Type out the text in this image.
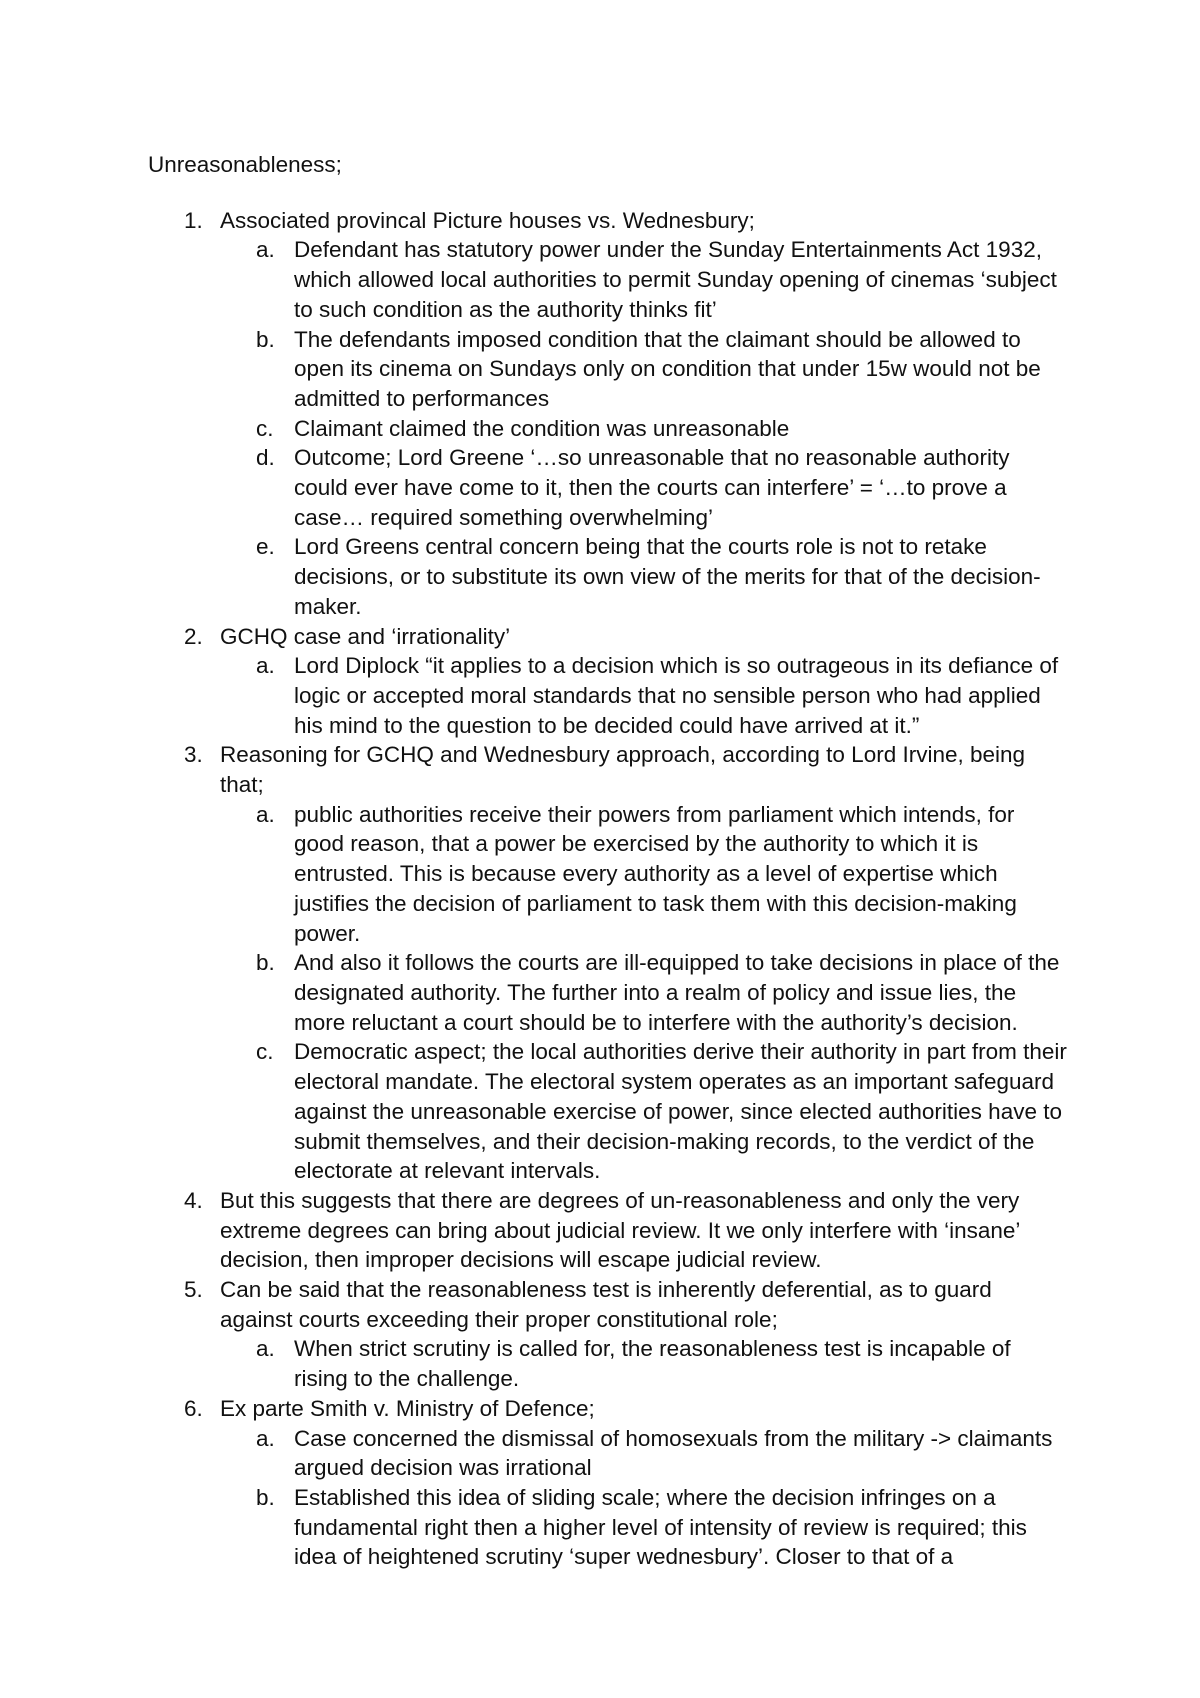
Unreasonableness;
1. Associated provincal Picture houses vs. Wednesbury;
a. Defendant has statutory power under the Sunday Entertainments Act 1932, which allowed local authorities to permit Sunday opening of cinemas ‘subject to such condition as the authority thinks fit’
b. The defendants imposed condition that the claimant should be allowed to open its cinema on Sundays only on condition that under 15w would not be admitted to performances
c. Claimant claimed the condition was unreasonable
d. Outcome; Lord Greene ‘…so unreasonable that no reasonable authority could ever have come to it, then the courts can interfere’ = ‘…to prove a case… required something overwhelming’
e. Lord Greens central concern being that the courts role is not to retake decisions, or to substitute its own view of the merits for that of the decision-maker.
2. GCHQ case and ‘irrationality’
a. Lord Diplock “it applies to a decision which is so outrageous in its defiance of logic or accepted moral standards that no sensible person who had applied his mind to the question to be decided could have arrived at it.”
3. Reasoning for GCHQ and Wednesbury approach, according to Lord Irvine, being that;
a. public authorities receive their powers from parliament which intends, for good reason, that a power be exercised by the authority to which it is entrusted. This is because every authority as a level of expertise which justifies the decision of parliament to task them with this decision-making power.
b. And also it follows the courts are ill-equipped to take decisions in place of the designated authority. The further into a realm of policy and issue lies, the more reluctant a court should be to interfere with the authority’s decision.
c. Democratic aspect; the local authorities derive their authority in part from their electoral mandate. The electoral system operates as an important safeguard against the unreasonable exercise of power, since elected authorities have to submit themselves, and their decision-making records, to the verdict of the electorate at relevant intervals.
4. But this suggests that there are degrees of un-reasonableness and only the very extreme degrees can bring about judicial review. It we only interfere with ‘insane’ decision, then improper decisions will escape judicial review.
5. Can be said that the reasonableness test is inherently deferential, as to guard against courts exceeding their proper constitutional role;
a. When strict scrutiny is called for, the reasonableness test is incapable of rising to the challenge.
6. Ex parte Smith v. Ministry of Defence;
a. Case concerned the dismissal of homosexuals from the military -> claimants argued decision was irrational
b. Established this idea of sliding scale; where the decision infringes on a fundamental right then a higher level of intensity of review is required; this idea of heightened scrutiny ‘super wednesbury’. Closer to that of a
